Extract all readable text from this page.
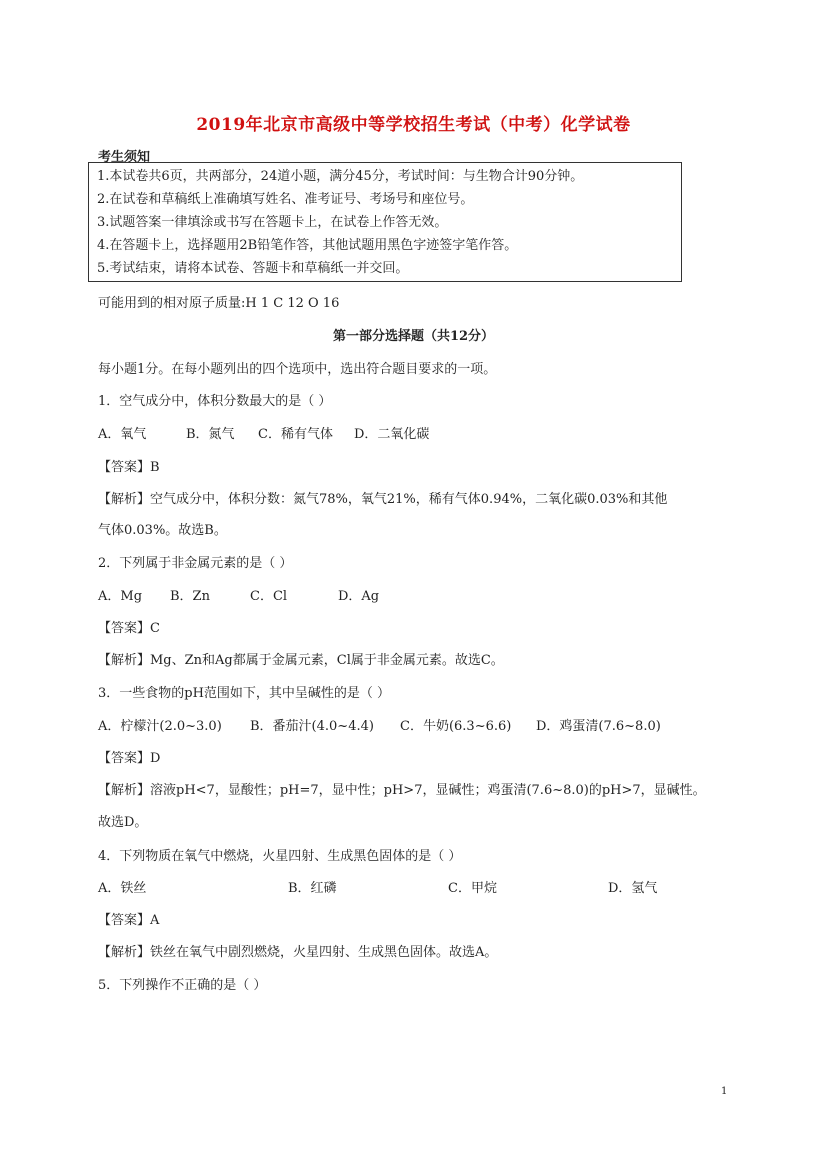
2019年北京市高级中等学校招生考试（中考）化学试卷
考生须知
1.本试卷共6页，共两部分，24道小题，满分45分，考试时间：与生物合计90分钟。
2.在试卷和草稿纸上准确填写姓名、准考证号、考场号和座位号。
3.试题答案一律填涂或书写在答题卡上，在试卷上作答无效。
4.在答题卡上，选择题用2B铅笔作答，其他试题用黑色字迹签字笔作答。
5.考试结束，请将本试卷、答题卡和草稿纸一并交回。
可能用到的相对原子质量:H 1 C 12 O 16
第一部分选择题（共12分）
每小题1分。在每小题列出的四个选项中，选出符合题目要求的一项。
1．空气成分中，体积分数最大的是（ ）
A．氧气	B．氮气	C．稀有气体	D．二氧化碳
【答案】B
【解析】空气成分中，体积分数：氮气78%，氧气21%，稀有气体0.94%，二氧化碳0.03%和其他
气体0.03%。故选B。
2．下列属于非金属元素的是（ ）
A．Mg	B．Zn	C．Cl	D．Ag
【答案】C
【解析】Mg、Zn和Ag都属于金属元素，Cl属于非金属元素。故选C。
3．一些食物的pH范围如下，其中呈碱性的是（ ）
A．柠檬汁(2.0~3.0)	B．番茄汁(4.0~4.4)	C．牛奶(6.3~6.6)	D．鸡蛋清(7.6~8.0)
【答案】D
【解析】溶液pH<7，显酸性；pH=7，显中性；pH>7，显碱性；鸡蛋清(7.6~8.0)的pH>7，显碱性。
故选D。
4．下列物质在氧气中燃烧，火星四射、生成黑色固体的是（ ）
A．铁丝	B．红磷	C．甲烷	D．氢气
【答案】A
【解析】铁丝在氧气中剧烈燃烧，火星四射、生成黑色固体。故选A。
5．下列操作不正确的是（ ）
1
